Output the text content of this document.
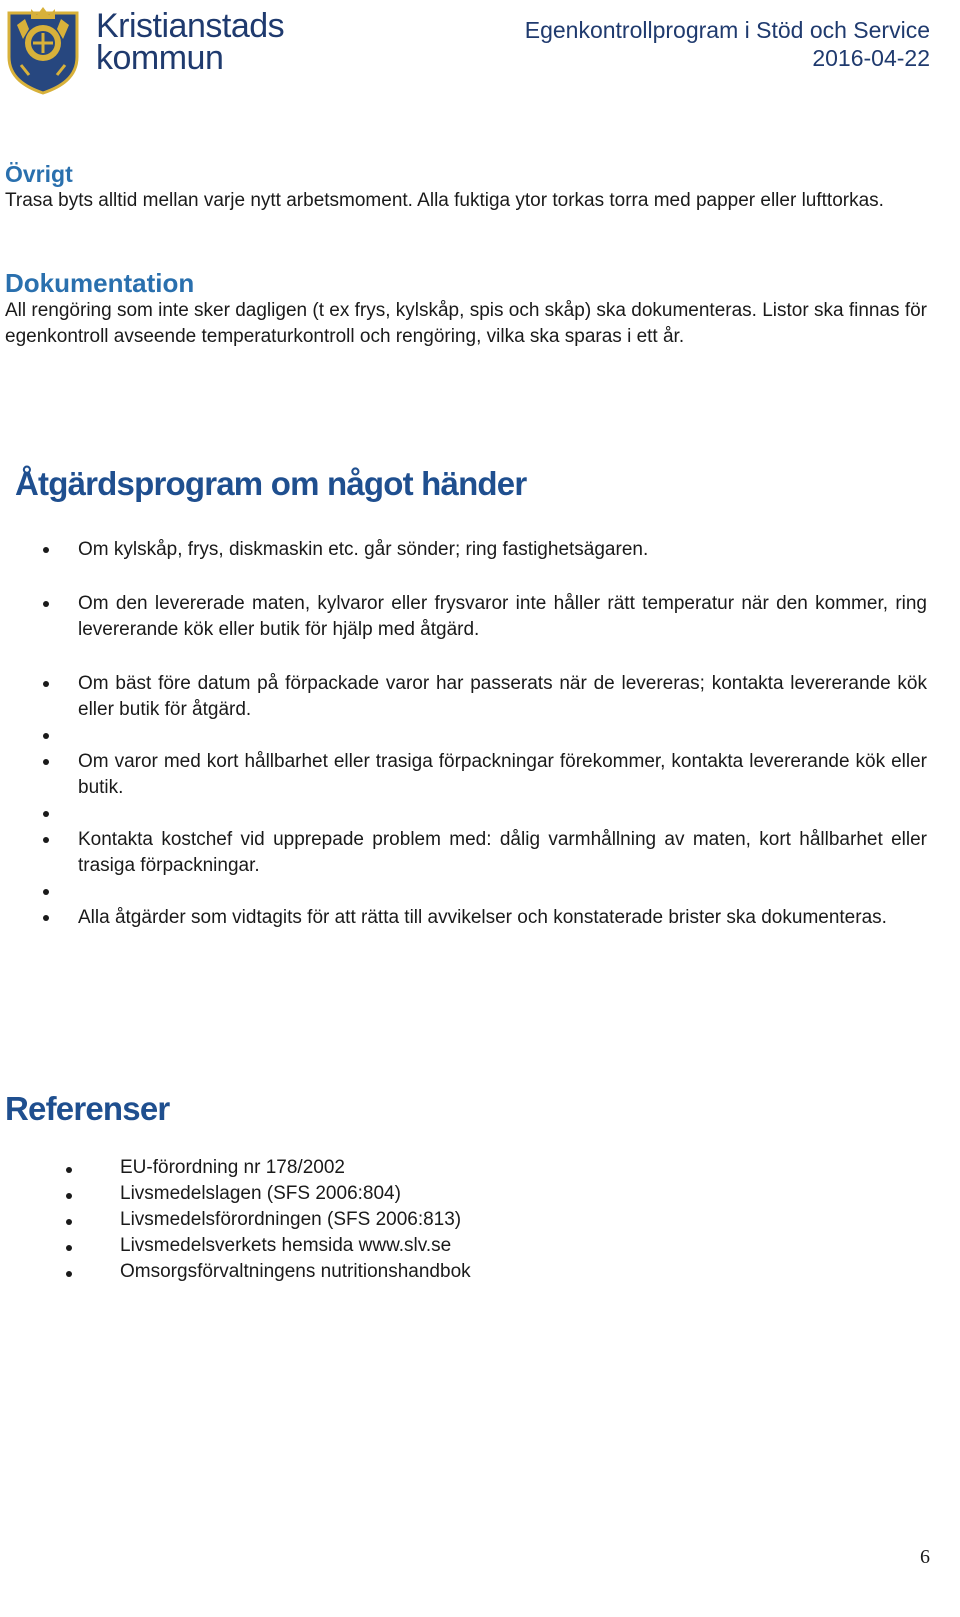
Kristianstads
kommun
Egenkontrollprogram i Stöd och Service
2016-04-22
Övrigt

Trasa byts alltid mellan varje nytt arbetsmoment. Alla fuktiga ytor torkas torra med papper eller lufttorkas.

Dokumentation

All rengöring som inte sker dagligen (t ex frys, kylskåp, spis och skåp) ska dokumenteras. Listor ska finnas för egenkontroll avseende temperaturkontroll och rengöring, vilka ska sparas i ett år.

Åtgärdsprogram om något händer
Om kylskåp, frys, diskmaskin etc. går sönder; ring fastighetsägaren.
Om den levererade maten, kylvaror eller frysvaror inte håller rätt temperatur när den kommer, ring levererande kök eller butik för hjälp med åtgärd.
Om bäst före datum på förpackade varor har passerats när de levereras; kontakta levererande kök eller butik för åtgärd.
Om varor med kort hållbarhet eller trasiga förpackningar förekommer, kontakta levererande kök eller butik.
Kontakta kostchef vid upprepade problem med: dålig varmhållning av maten, kort hållbarhet eller trasiga förpackningar.
Alla åtgärder som vidtagits för att rätta till avvikelser och konstaterade brister ska dokumenteras.
Referenser
EU-förordning nr 178/2002
Livsmedelslagen (SFS 2006:804)
Livsmedelsförordningen (SFS 2006:813)
Livsmedelsverkets hemsida www.slv.se
Omsorgsförvaltningens nutritionshandbok
6
